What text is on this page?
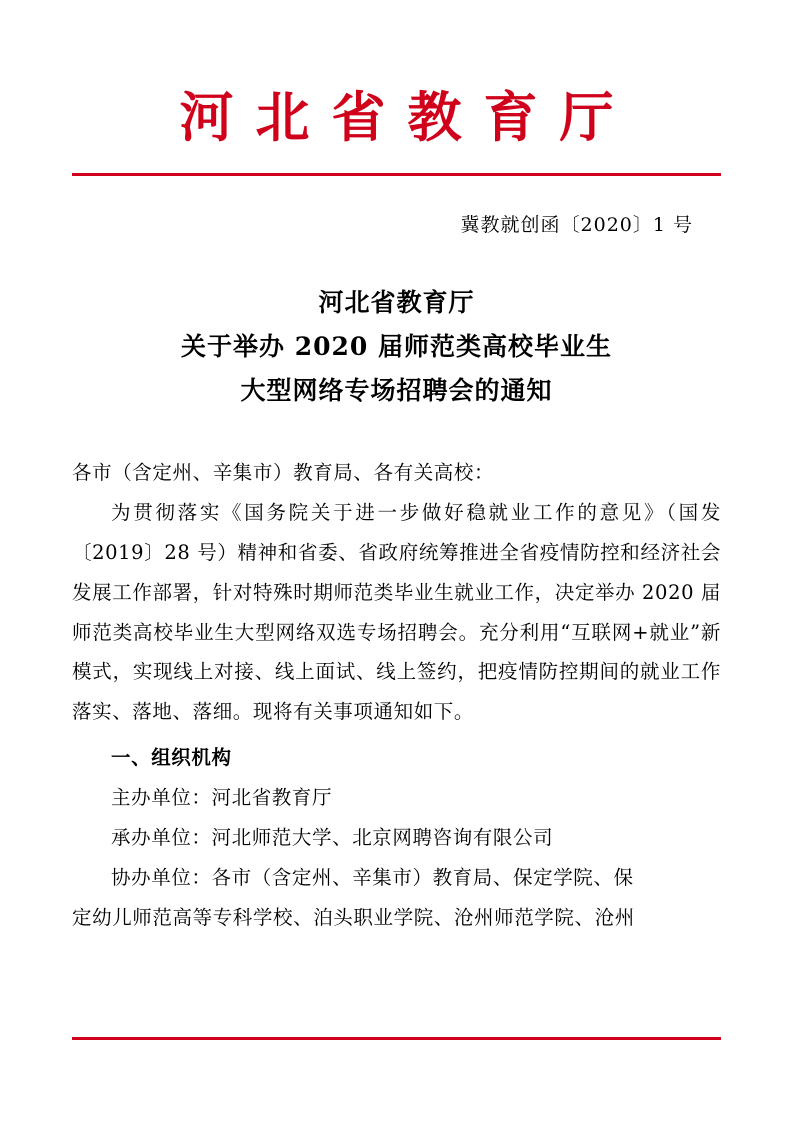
河北省教育厅
冀教就创函〔2020〕1 号
河北省教育厅
关于举办 2020 届师范类高校毕业生
大型网络专场招聘会的通知

各市（含定州、辛集市）教育局、各有关高校：

为贯彻落实《国务院关于进一步做好稳就业工作的意见》（国发〔2019〕28 号）精神和省委、省政府统筹推进全省疫情防控和经济社会发展工作部署，针对特殊时期师范类毕业生就业工作，决定举办 2020 届师范类高校毕业生大型网络双选专场招聘会。充分利用“互联网+就业”新模式，实现线上对接、线上面试、线上签约，把疫情防控期间的就业工作落实、落地、落细。现将有关事项通知如下。

一、组织机构

主办单位：河北省教育厅

承办单位：河北师范大学、北京网聘咨询有限公司

协办单位：各市（含定州、辛集市）教育局、保定学院、保

定幼儿师范高等专科学校、泊头职业学院、沧州师范学院、沧州
